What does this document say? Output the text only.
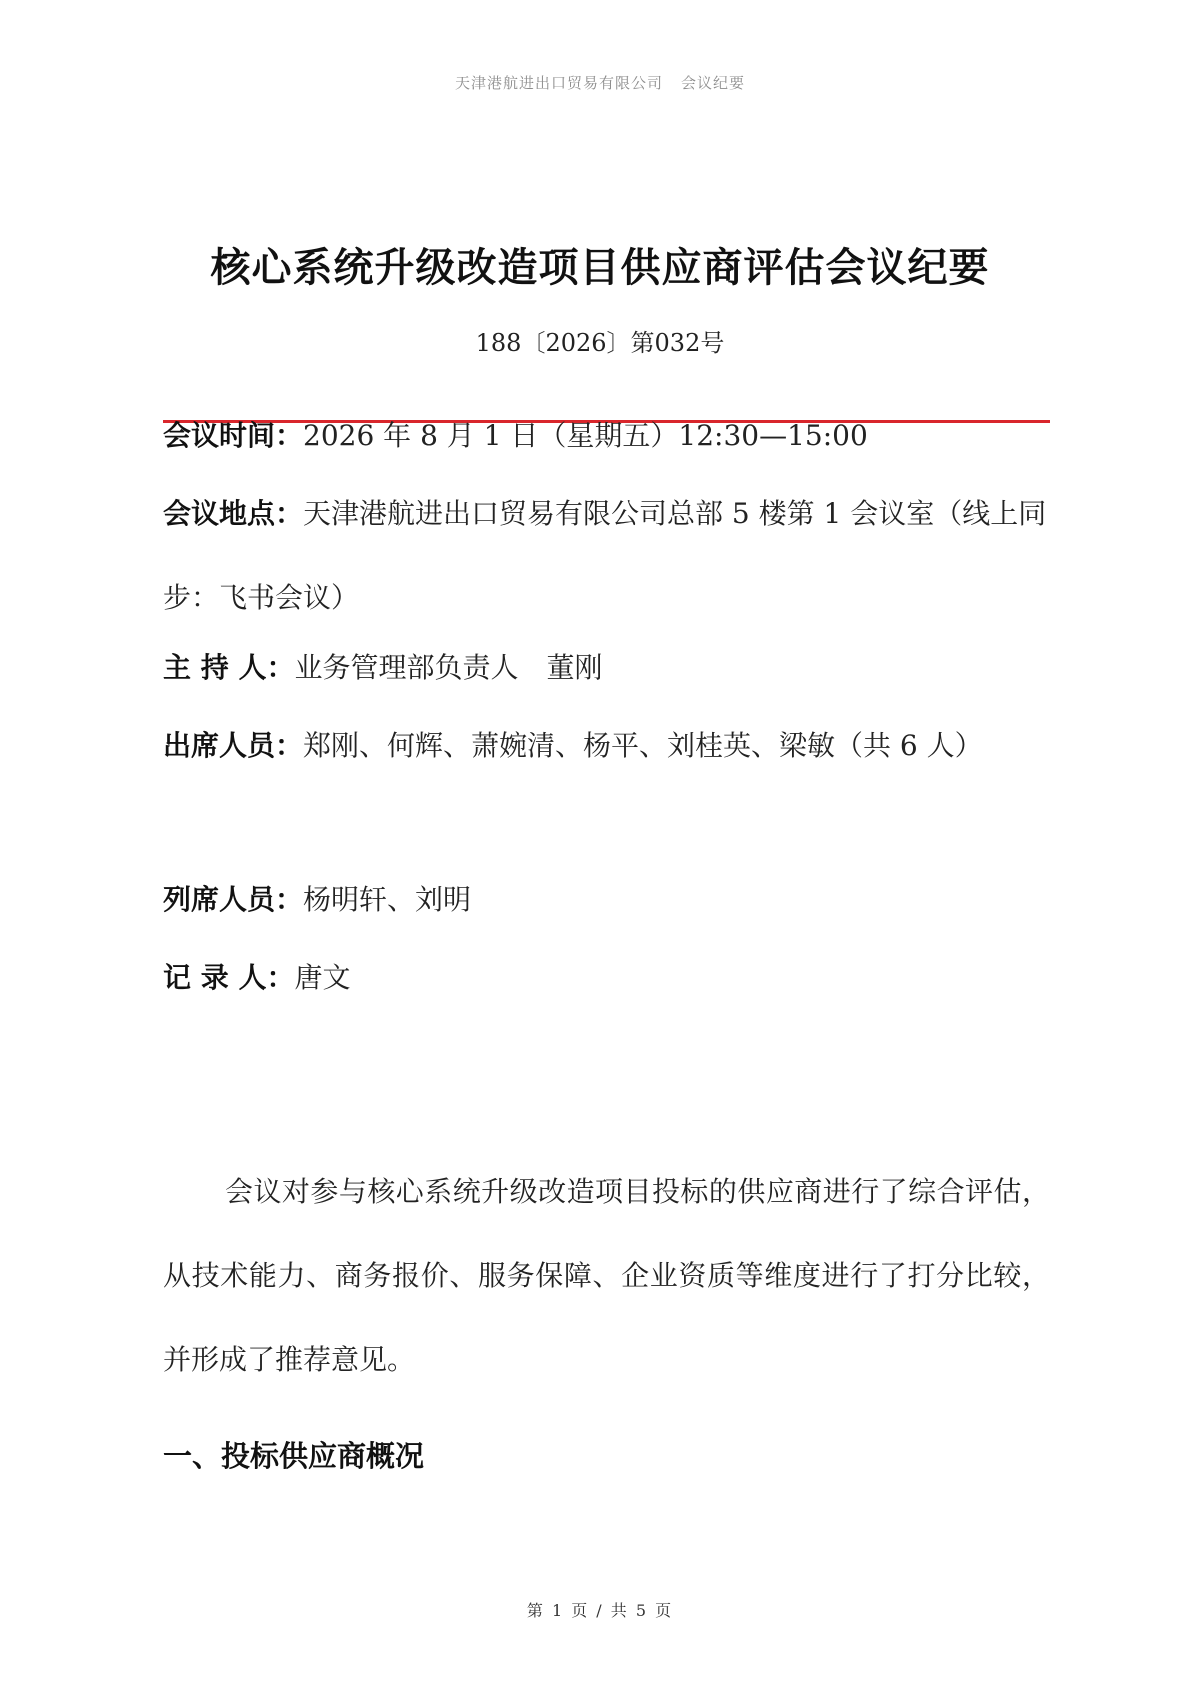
天津港航进出口贸易有限公司 会议纪要
核心系统升级改造项目供应商评估会议纪要
188〔2026〕第032号
会议时间：2026 年 8 月 1 日（星期五）12:30—15:00
会议地点：天津港航进出口贸易有限公司总部 5 楼第 1 会议室（线上同步：飞书会议）
主 持 人：业务管理部负责人　董刚
出席人员：郑刚、何辉、萧婉清、杨平、刘桂英、梁敏（共 6 人）
列席人员：杨明轩、刘明
记 录 人：唐文

会议对参与核心系统升级改造项目投标的供应商进行了综合评估，从技术能力、商务报价、服务保障、企业资质等维度进行了打分比较，并形成了推荐意见。

一、投标供应商概况
第 1 页 / 共 5 页
